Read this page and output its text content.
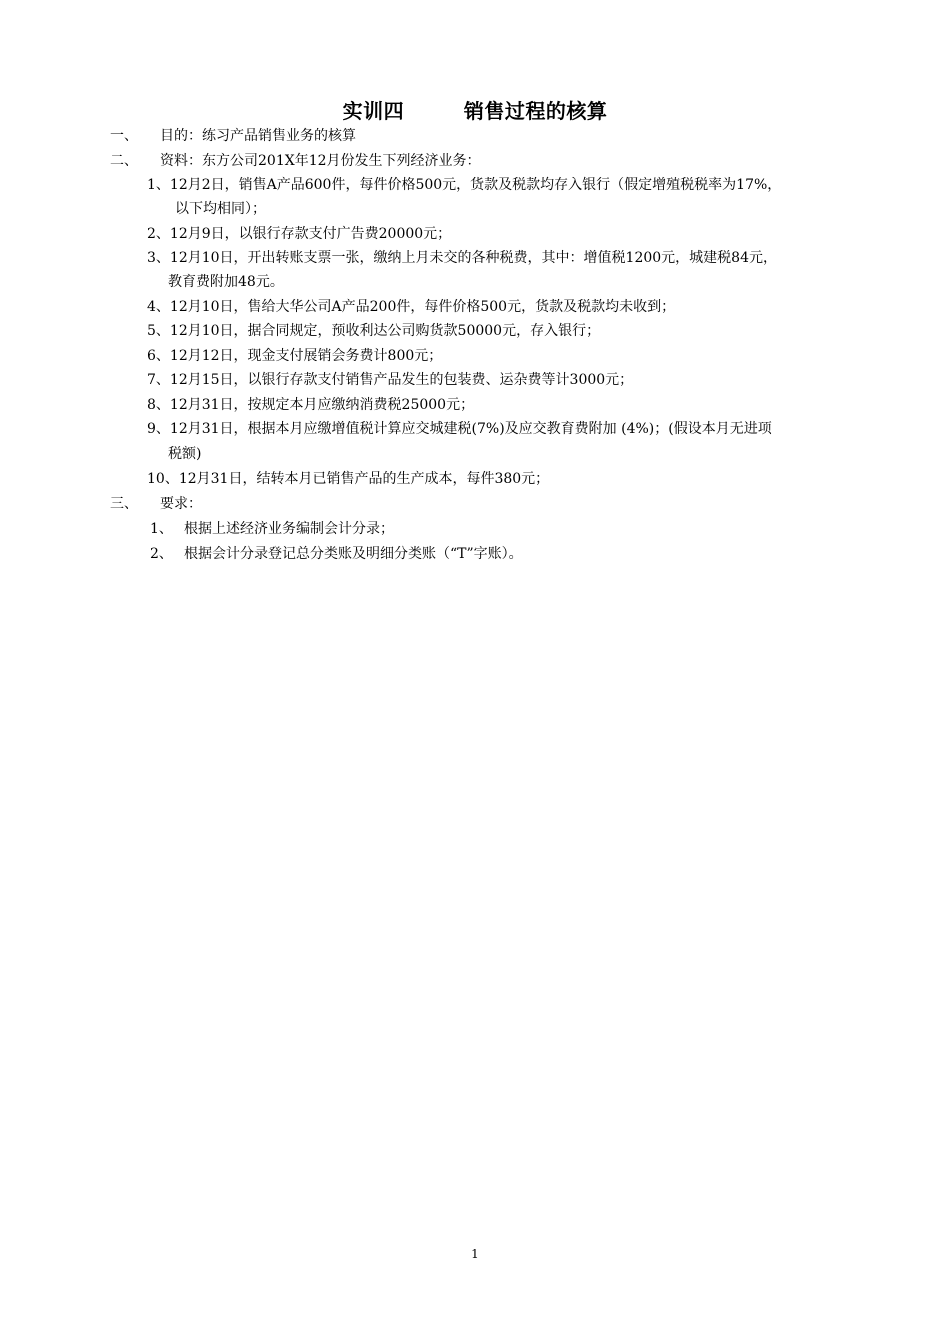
实训四        销售过程的核算
一、 目的：练习产品销售业务的核算
二、 资料：东方公司201X年12月份发生下列经济业务：
1、12月2日，销售A产品600件，每件价格500元，货款及税款均存入银行（假定增殖税税率为17%，
以下均相同）；
2、12月9日，以银行存款支付广告费20000元；
3、12月10日，开出转账支票一张，缴纳上月未交的各种税费，其中：增值税1200元，城建税84元，
教育费附加48元。
4、12月10日，售给大华公司A产品200件，每件价格500元，货款及税款均未收到；
5、12月10日，据合同规定，预收利达公司购货款50000元，存入银行；
6、12月12日，现金支付展销会务费计800元；
7、12月15日，以银行存款支付销售产品发生的包装费、运杂费等计3000元；
8、12月31日，按规定本月应缴纳消费税25000元；
9、12月31日，根据本月应缴增值税计算应交城建税(7%)及应交教育费附加 (4%)；(假设本月无进项
税额)
10、12月31日，结转本月已销售产品的生产成本，每件380元；
三、 要求：
1、 根据上述经济业务编制会计分录；
2、 根据会计分录登记总分类账及明细分类账（“T”字账）。
1
